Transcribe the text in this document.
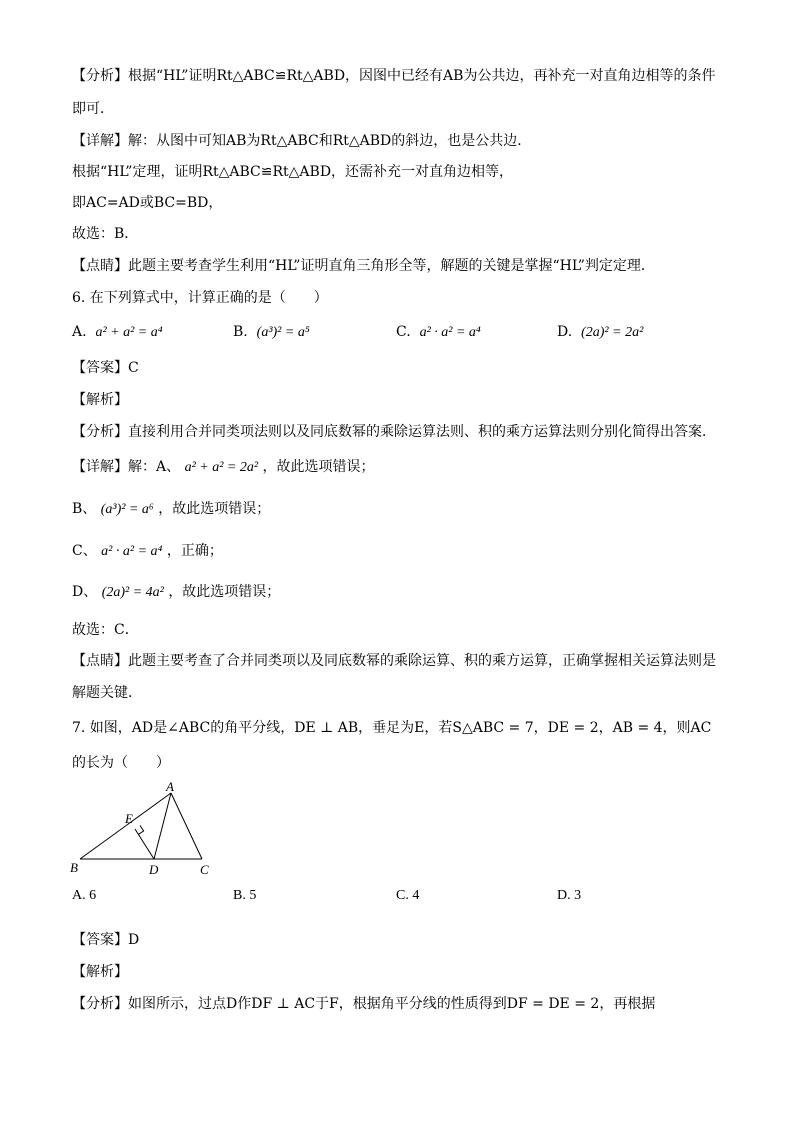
【分析】根据“HL”证明Rt△ABC≌Rt△ABD，因图中已经有AB为公共边，再补充一对直角边相等的条件
即可．
【详解】解：从图中可知AB为Rt△ABC和Rt△ABD的斜边，也是公共边．
根据“HL”定理，证明Rt△ABC≌Rt△ABD，还需补充一对直角边相等，
即AC=AD或BC=BD，
故选：B．
【点睛】此题主要考查学生利用“HL”证明直角三角形全等，解题的关键是掌握“HL”判定定理．
6. 在下列算式中，计算正确的是（　　）
A. a² + a² = a⁴	B. (a³)² = a⁵	C. a² · a² = a⁴	D. (2a)² = 2a²
【答案】C
【解析】
【分析】直接利用合并同类项法则以及同底数幂的乘除运算法则、积的乘方运算法则分别化简得出答案．
【详解】解：A、 a² + a² = 2a² ，故此选项错误；
B、 (a³)² = a⁶ ，故此选项错误；
C、 a² · a² = a⁴ ，正确；
D、 (2a)² = 4a² ，故此选项错误；
故选：C．
【点睛】此题主要考查了合并同类项以及同底数幂的乘除运算、积的乘方运算，正确掌握相关运算法则是
解题关键．
7. 如图，AD是∠ABC的角平分线，DE ⊥ AB，垂足为E，若S△ABC = 7，DE = 2，AB = 4，则AC
的长为（　　）
A
B	C
D
E
A. 6	B. 5	C. 4	D. 3
【答案】D
【解析】
【分析】如图所示，过点D作DF ⊥ AC于F，根据角平分线的性质得到DF = DE = 2，再根据
